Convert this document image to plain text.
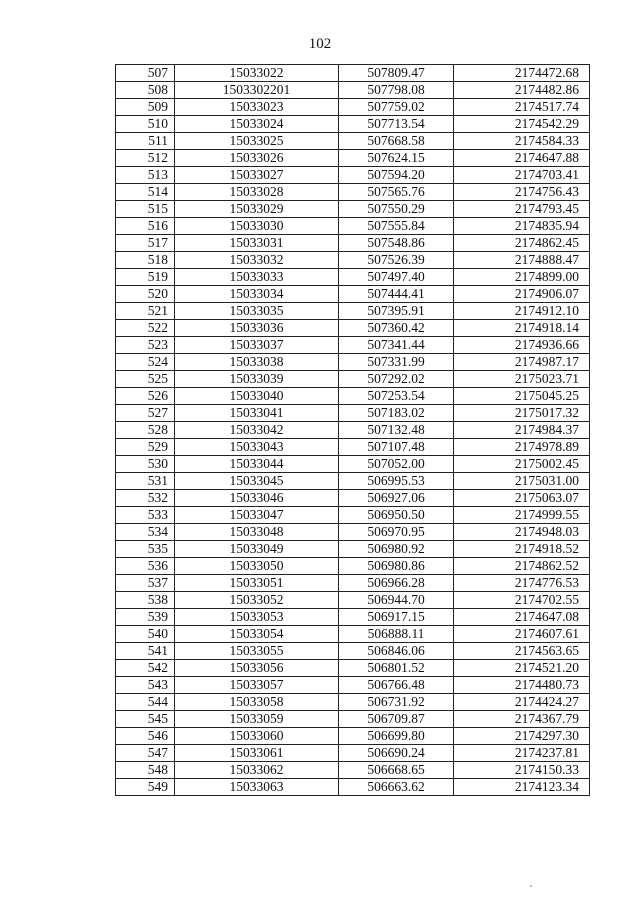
102
507	15033022	507809.47	2174472.68
508	1503302201	507798.08	2174482.86
509	15033023	507759.02	2174517.74
510	15033024	507713.54	2174542.29
511	15033025	507668.58	2174584.33
512	15033026	507624.15	2174647.88
513	15033027	507594.20	2174703.41
514	15033028	507565.76	2174756.43
515	15033029	507550.29	2174793.45
516	15033030	507555.84	2174835.94
517	15033031	507548.86	2174862.45
518	15033032	507526.39	2174888.47
519	15033033	507497.40	2174899.00
520	15033034	507444.41	2174906.07
521	15033035	507395.91	2174912.10
522	15033036	507360.42	2174918.14
523	15033037	507341.44	2174936.66
524	15033038	507331.99	2174987.17
525	15033039	507292.02	2175023.71
526	15033040	507253.54	2175045.25
527	15033041	507183.02	2175017.32
528	15033042	507132.48	2174984.37
529	15033043	507107.48	2174978.89
530	15033044	507052.00	2175002.45
531	15033045	506995.53	2175031.00
532	15033046	506927.06	2175063.07
533	15033047	506950.50	2174999.55
534	15033048	506970.95	2174948.03
535	15033049	506980.92	2174918.52
536	15033050	506980.86	2174862.52
537	15033051	506966.28	2174776.53
538	15033052	506944.70	2174702.55
539	15033053	506917.15	2174647.08
540	15033054	506888.11	2174607.61
541	15033055	506846.06	2174563.65
542	15033056	506801.52	2174521.20
543	15033057	506766.48	2174480.73
544	15033058	506731.92	2174424.27
545	15033059	506709.87	2174367.79
546	15033060	506699.80	2174297.30
547	15033061	506690.24	2174237.81
548	15033062	506668.65	2174150.33
549	15033063	506663.62	2174123.34
